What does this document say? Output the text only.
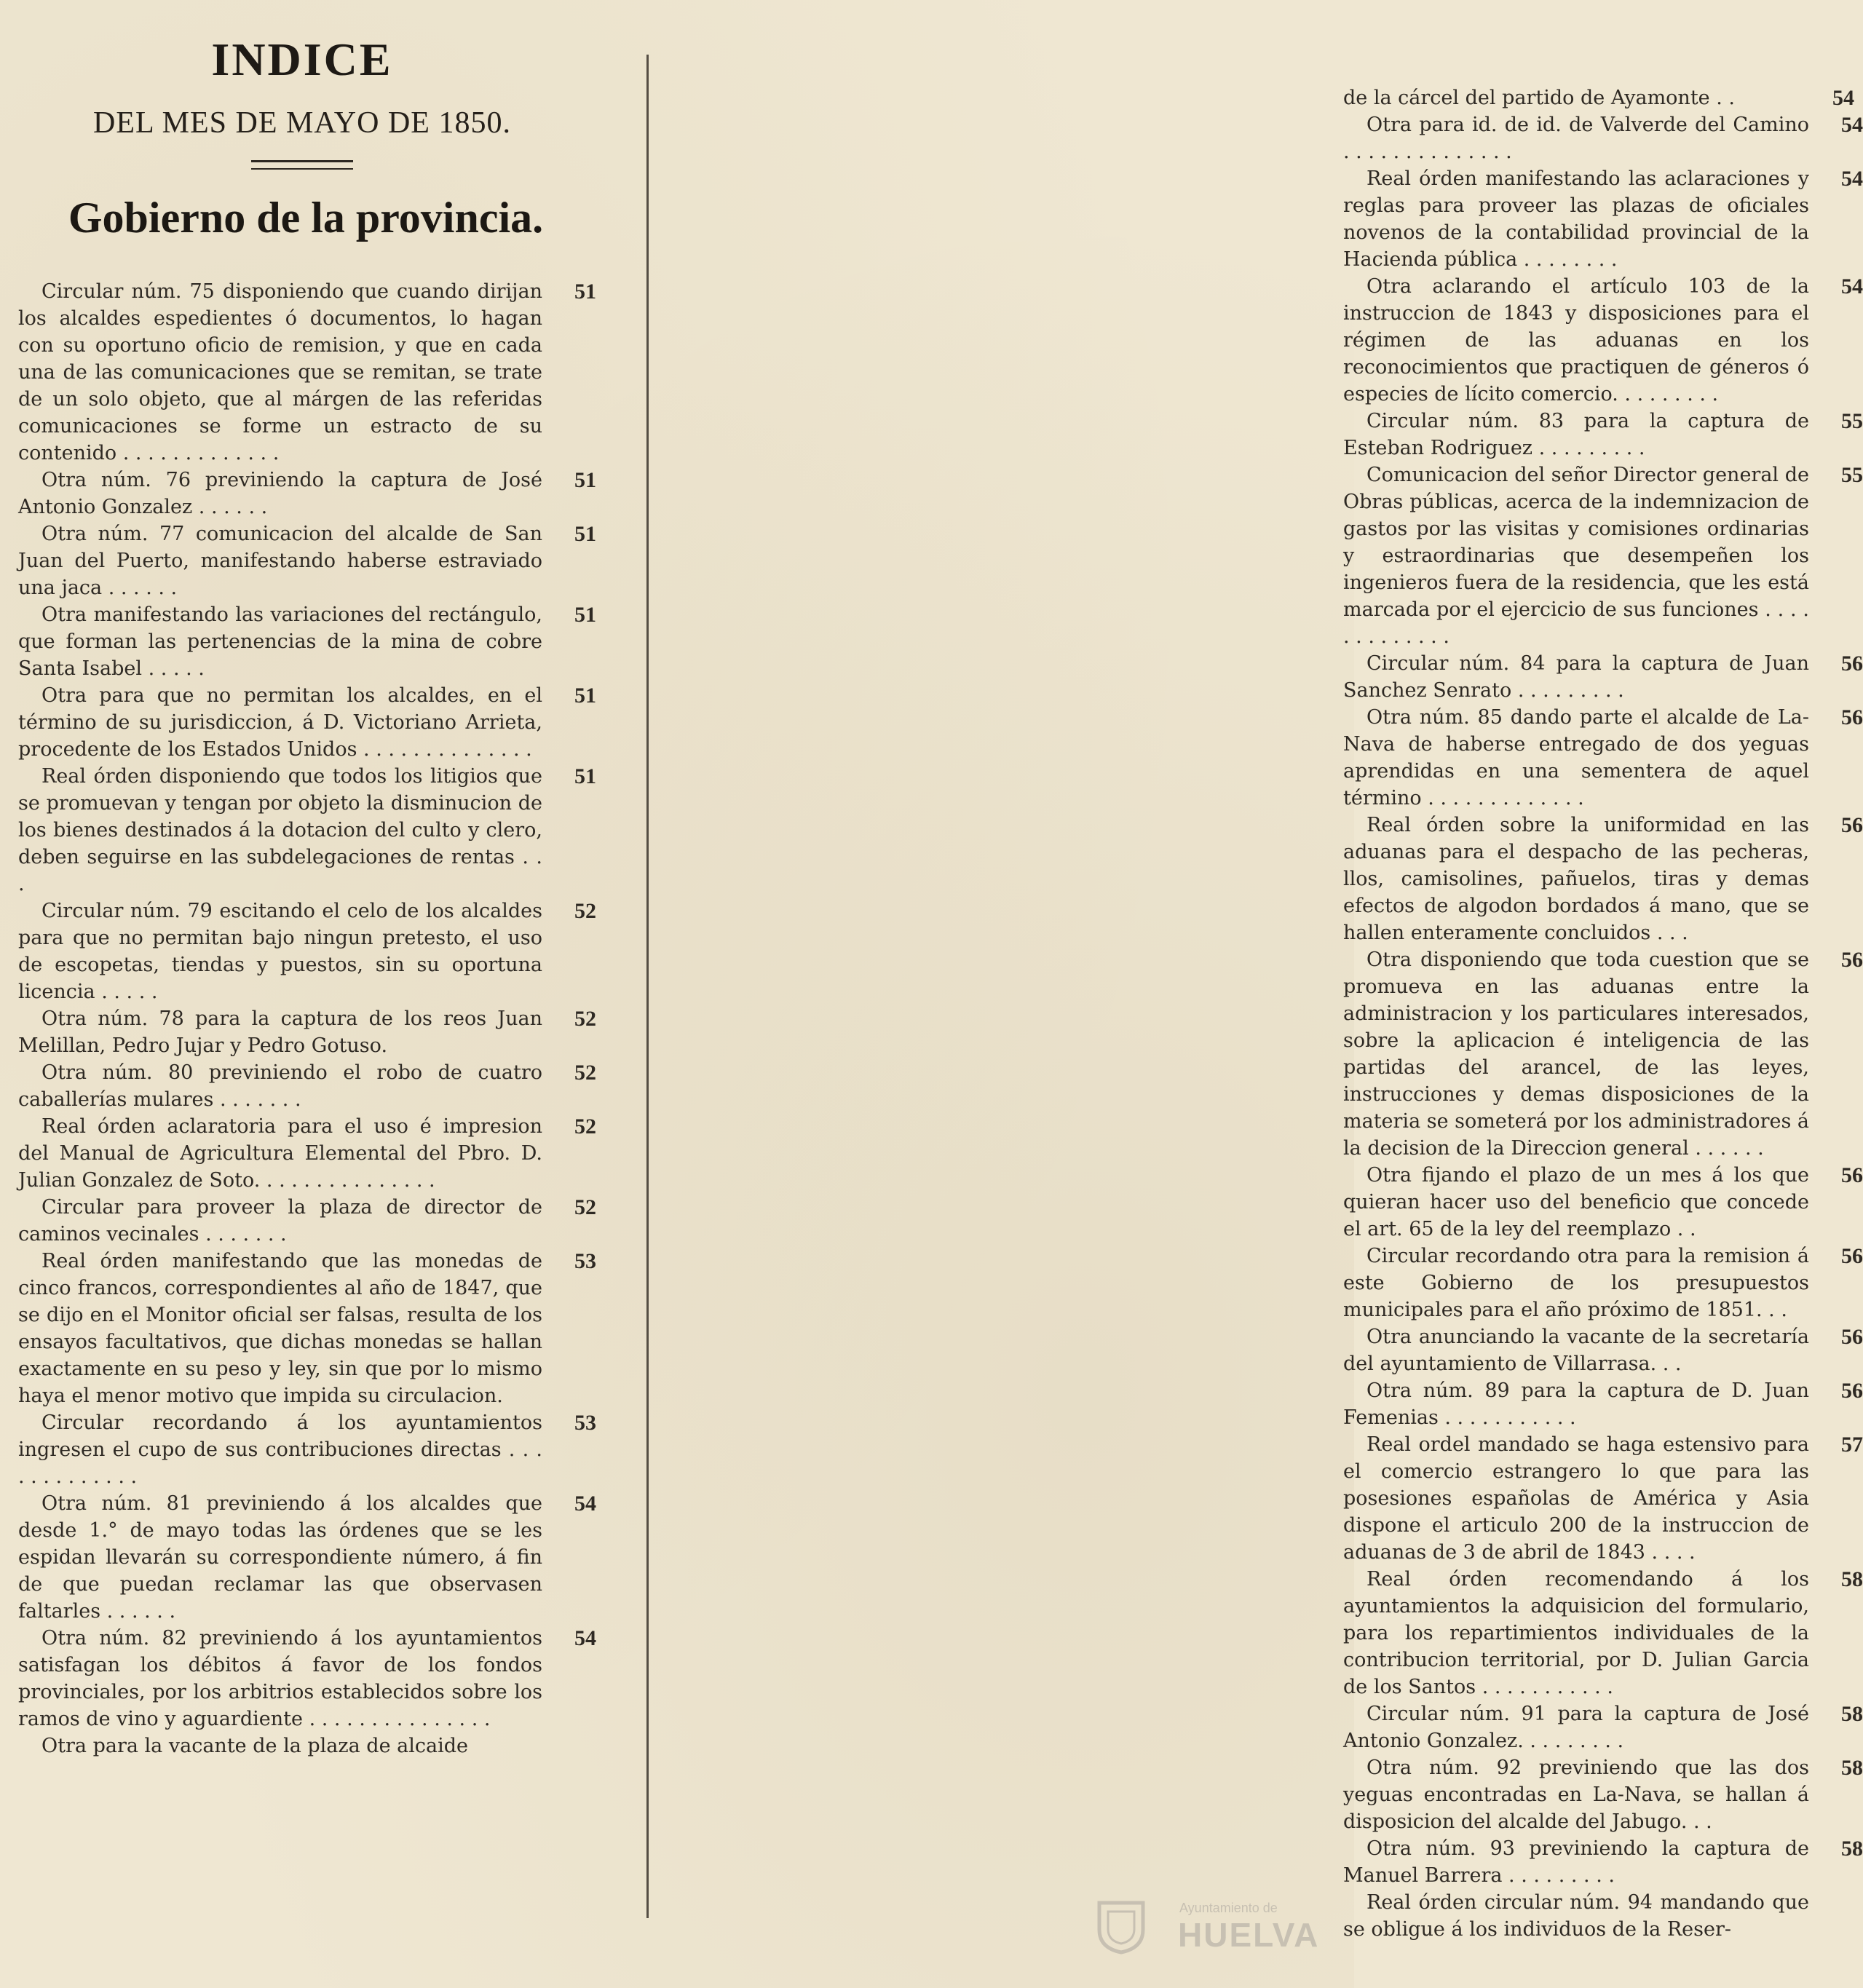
INDICE
DEL MES DE MAYO DE 1850.
Gobierno de la provincia.
51
Circular núm. 75 disponiendo que cuando dirijan los alcaldes espedientes ó documentos, lo hagan con su oportuno oficio de remision, y que en cada una de las comunicaciones que se remitan, se trate de un solo objeto, que al márgen de las referidas comunicaciones se forme un estracto de su contenido . . . . . . . . . . . . .
51
Otra núm. 76 previniendo la captura de José Antonio Gonzalez . . . . . .
51
Otra núm. 77 comunicacion del alcalde de San Juan del Puerto, manifestando haberse estraviado una jaca . . . . . .
51
Otra manifestando las variaciones del rectángulo, que forman las pertenencias de la mina de cobre Santa Isabel . . . . .
51
Otra para que no permitan los alcaldes, en el término de su jurisdiccion, á D. Victoriano Arrieta, procedente de los Estados Unidos . . . . . . . . . . . . . .
51
Real órden disponiendo que todos los litigios que se promuevan y tengan por objeto la disminucion de los bienes destinados á la dotacion del culto y clero, deben seguirse en las subdelegaciones de rentas . . .
52
Circular núm. 79 escitando el celo de los alcaldes para que no permitan bajo ningun pretesto, el uso de escopetas, tiendas y puestos, sin su oportuna licencia . . . . .
52
Otra núm. 78 para la captura de los reos Juan Melillan, Pedro Jujar y Pedro Gotuso.
52
Otra núm. 80 previniendo el robo de cuatro caballerías mulares . . . . . . .
52
Real órden aclaratoria para el uso é impresion del Manual de Agricultura Elemental del Pbro. D. Julian Gonzalez de Soto. . . . . . . . . . . . . . .
52
Circular para proveer la plaza de director de caminos vecinales . . . . . . .
53
Real órden manifestando que las monedas de cinco francos, correspondientes al año de 1847, que se dijo en el Monitor oficial ser falsas, resulta de los ensayos facultativos, que dichas monedas se hallan exactamente en su peso y ley, sin que por lo mismo haya el menor motivo que impida su circulacion.
53
Circular recordando á los ayuntamientos ingresen el cupo de sus contribuciones directas . . . . . . . . . . . . .
54
Otra núm. 81 previniendo á los alcaldes que desde 1.° de mayo todas las órdenes que se les espidan llevarán su correspondiente número, á fin de que puedan reclamar las que observasen faltarles . . . . . .
54
Otra núm. 82 previniendo á los ayuntamientos satisfagan los débitos á favor de los fondos provinciales, por los arbitrios establecidos sobre los ramos de vino y aguardiente . . . . . . . . . . . . . . .
Otra para la vacante de la plaza de alcaide
54
de la cárcel del partido de Ayamonte . .
54
Otra para id. de id. de Valverde del Camino . . . . . . . . . . . . . .
54
Real órden manifestando las aclaraciones y reglas para proveer las plazas de oficiales novenos de la contabilidad provincial de la Hacienda pública . . . . . . . .
54
Otra aclarando el artículo 103 de la instruccion de 1843 y disposiciones para el régimen de las aduanas en los reconocimientos que practiquen de géneros ó especies de lícito comercio. . . . . . . . .
55
Circular núm. 83 para la captura de Esteban Rodriguez . . . . . . . . .
55
Comunicacion del señor Director general de Obras públicas, acerca de la indemnizacion de gastos por las visitas y comisiones ordinarias y estraordinarias que desempeñen los ingenieros fuera de la residencia, que les está marcada por el ejercicio de sus funciones . . . . . . . . . . . . .
56
Circular núm. 84 para la captura de Juan Sanchez Senrato . . . . . . . . .
56
Otra núm. 85 dando parte el alcalde de La-Nava de haberse entregado de dos yeguas aprendidas en una sementera de aquel término . . . . . . . . . . . . .
56
Real órden sobre la uniformidad en las aduanas para el despacho de las pecheras, llos, camisolines, pañuelos, tiras y demas efectos de algodon bordados á mano, que se hallen enteramente concluidos . . .
56
Otra disponiendo que toda cuestion que se promueva en las aduanas entre la administracion y los particulares interesados, sobre la aplicacion é inteligencia de las partidas del arancel, de las leyes, instrucciones y demas disposiciones de la materia se someterá por los administradores á la decision de la Direccion general . . . . . .
56
Otra fijando el plazo de un mes á los que quieran hacer uso del beneficio que concede el art. 65 de la ley del reemplazo . .
56
Circular recordando otra para la remision á este Gobierno de los presupuestos municipales para el año próximo de 1851. . .
56
Otra anunciando la vacante de la secretaría del ayuntamiento de Villarrasa. . .
56
Otra núm. 89 para la captura de D. Juan Femenias . . . . . . . . . . .
57
Real ordel mandado se haga estensivo para el comercio estrangero lo que para las posesiones españolas de América y Asia dispone el articulo 200 de la instruccion de aduanas de 3 de abril de 1843 . . . .
58
Real órden recomendando á los ayuntamientos la adquisicion del formulario, para los repartimientos individuales de la contribucion territorial, por D. Julian Garcia de los Santos . . . . . . . . . . .
58
Circular núm. 91 para la captura de José Antonio Gonzalez. . . . . . . . .
58
Otra núm. 92 previniendo que las dos yeguas encontradas en La-Nava, se hallan á disposicion del alcalde del Jabugo. . .
58
Otra núm. 93 previniendo la captura de Manuel Barrera . . . . . . . . .
Real órden circular núm. 94 mandando que se obligue á los individuos de la Reser-
Ayuntamiento de
HUELVA
